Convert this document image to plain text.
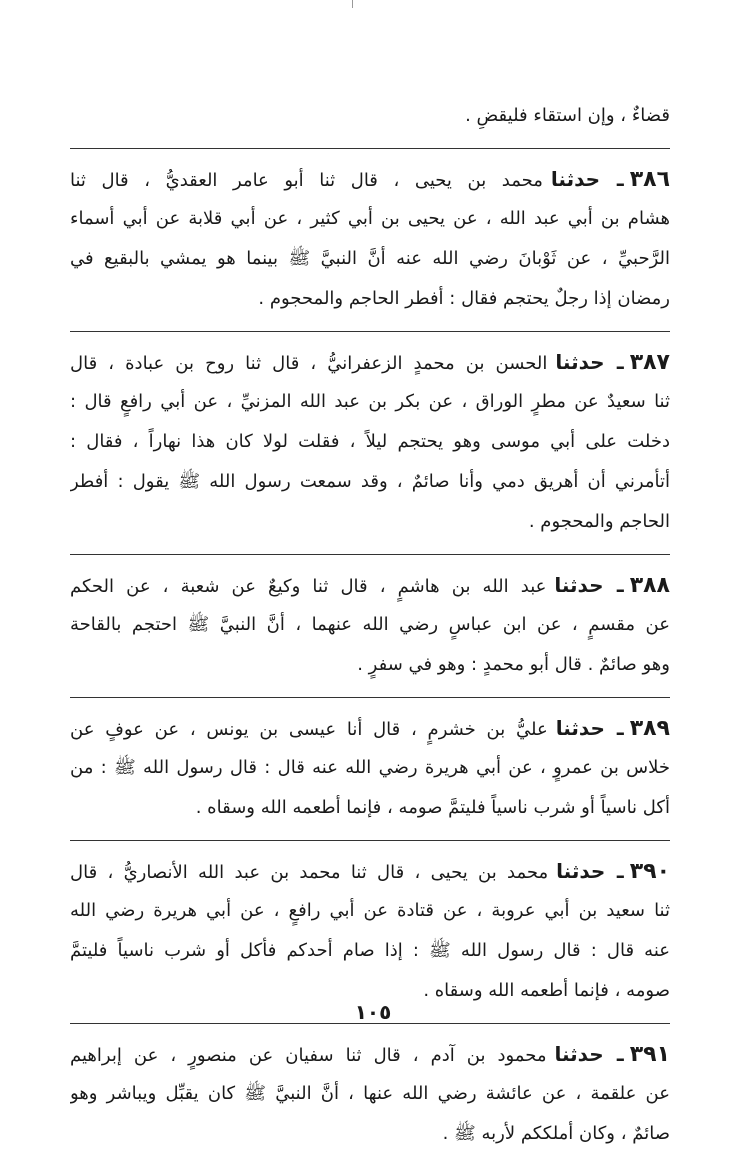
قضاءٌ ، وإن استقاء فليقضِ .
٣٨٦ـ حدثنامحمد بن يحيى ، قال ثنا أبو عامر العقديُّ ، قال ثنا
هشام بن أبي عبد الله ، عن يحيى بن أبي كثير ، عن أبي قلابة عن أبي أسماء
الرَّحبيِّ ، عن ثَوْبانَ رضي الله عنه أنَّ النبيَّ ﷺ بينما هو يمشي بالبقيع في
رمضان إذا رجلٌ يحتجم فقال : أفطر الحاجم والمحجوم .
٣٨٧ـ حدثناالحسن بن محمدٍ الزعفرانيُّ ، قال ثنا روح بن عبادة ، قال
ثنا سعيدٌ عن مطرٍ الوراق ، عن بكر بن عبد الله المزنيِّ ، عن أبي رافعٍ قال :
دخلت على أبي موسى وهو يحتجم ليلاً ، فقلت لولا كان هذا نهاراً ، فقال :
أتأمرني أن أهريق دمي وأنا صائمٌ ، وقد سمعت رسول الله ﷺ يقول : أفطر
الحاجم والمحجوم .
٣٨٨ـ حدثناعبد الله بن هاشمٍ ، قال ثنا وكيعٌ عن شعبة ، عن الحكم
عن مقسمٍ ، عن ابن عباسٍ رضي الله عنهما ، أنَّ النبيَّ ﷺ احتجم بالقاحة
وهو صائمٌ . قال أبو محمدٍ : وهو في سفرٍ .
٣٨٩ـ حدثناعليُّ بن خشرمٍ ، قال أنا عيسى بن يونس ، عن عوفٍ عن
خلاس بن عمروٍ ، عن أبي هريرة رضي الله عنه قال : قال رسول الله ﷺ : من
أكل ناسياً أو شرب ناسياً فليتمَّ صومه ، فإنما أطعمه الله وسقاه .
٣٩٠ـ حدثنامحمد بن يحيى ، قال ثنا محمد بن عبد الله الأنصاريُّ ، قال
ثنا سعيد بن أبي عروبة ، عن قتادة عن أبي رافعٍ ، عن أبي هريرة رضي الله
عنه قال : قال رسول الله ﷺ : إذا صام أحدكم فأكل أو شرب ناسياً فليتمَّ
صومه ، فإنما أطعمه الله وسقاه .
٣٩١ـ حدثنامحمود بن آدم ، قال ثنا سفيان عن منصورٍ ، عن إبراهيم
عن علقمة ، عن عائشة رضي الله عنها ، أنَّ النبيَّ ﷺ كان يقبِّل ويباشر وهو
صائمٌ ، وكان أملككم لأربه ﷺ .
١٠٥
